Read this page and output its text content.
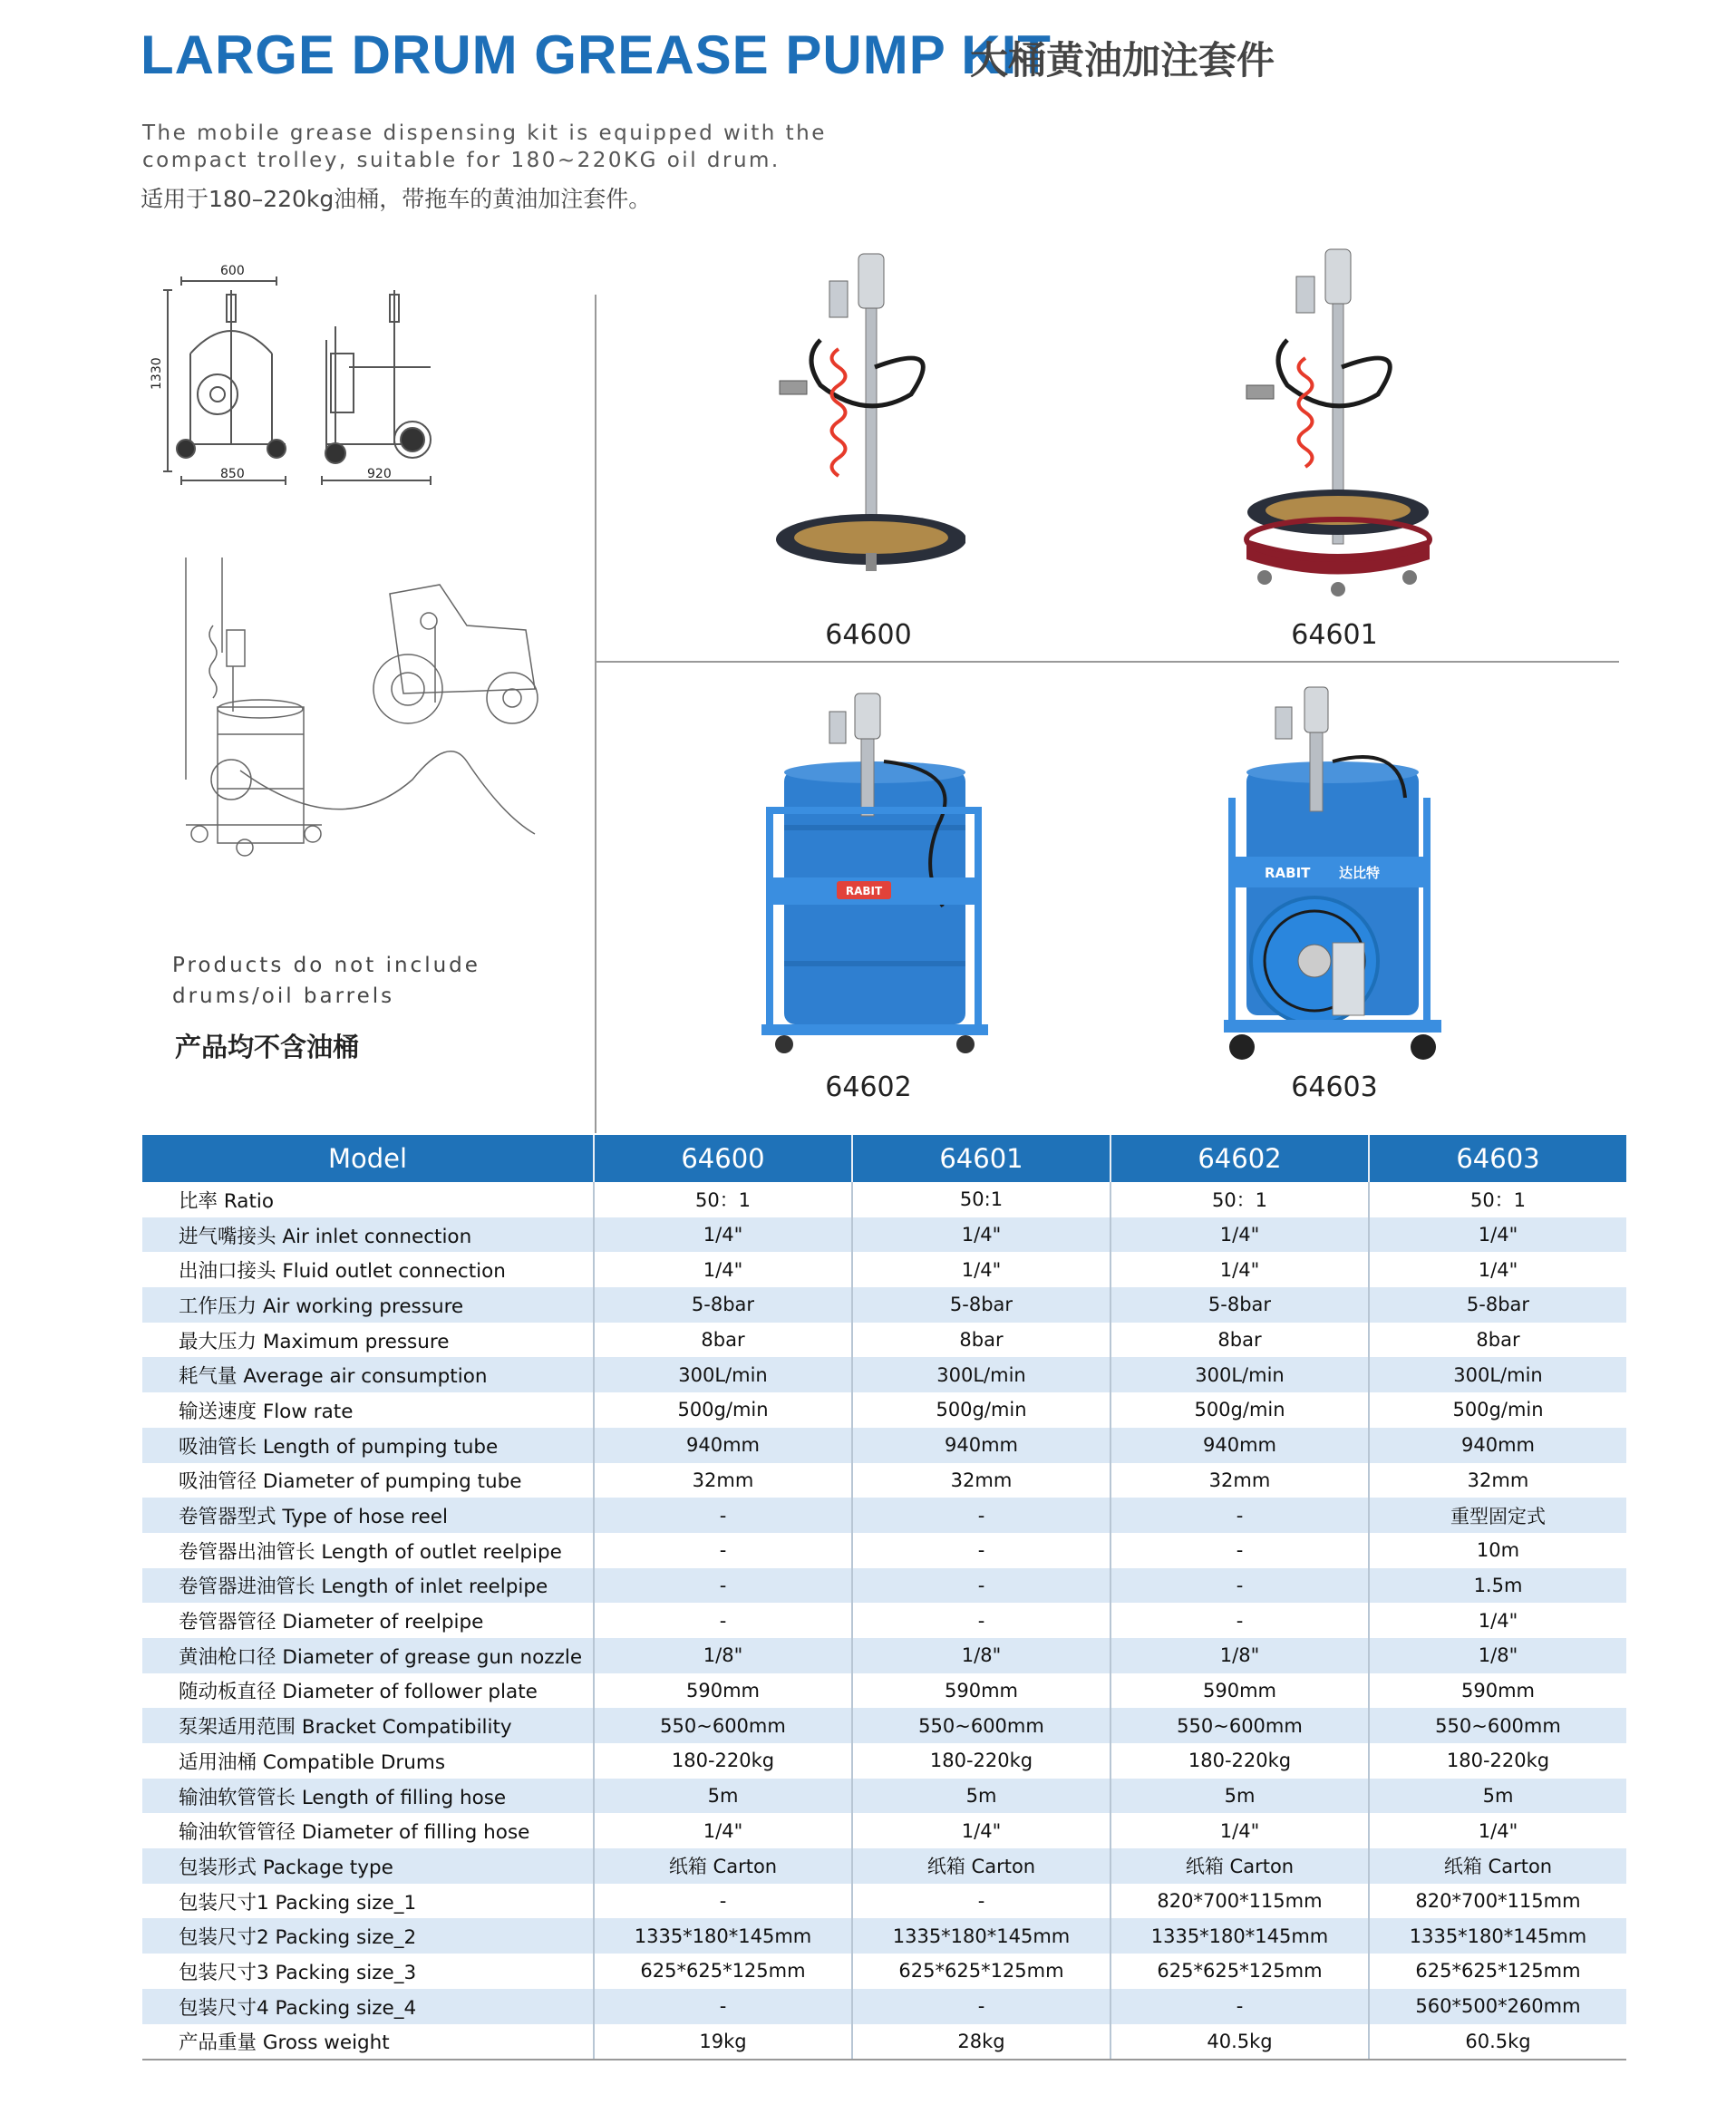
LARGE DRUM GREASE PUMP KIT
大桶黄油加注套件
The mobile grease dispensing kit is equipped with the
compact trolley, suitable for 180~220KG oil drum.
适用于180–220kg油桶，带拖车的黄油加注套件。
600
1330
850	920
Products do not include
drums/oil barrels
产品均不含油桶
64600	64601
RABIT
64602
RABIT 达比特
64603
Model	64600	64601	64602	64603
比率 Ratio	50：1	50:1	50：1	50：1
进气嘴接头 Air inlet connection	1/4"	1/4"	1/4"	1/4"
出油口接头 Fluid outlet connection	1/4"	1/4"	1/4"	1/4"
工作压力 Air working pressure	5-8bar	5-8bar	5-8bar	5-8bar
最大压力 Maximum pressure	8bar	8bar	8bar	8bar
耗气量 Average air consumption	300L/min	300L/min	300L/min	300L/min
输送速度 Flow rate	500g/min	500g/min	500g/min	500g/min
吸油管长 Length of pumping tube	940mm	940mm	940mm	940mm
吸油管径 Diameter of pumping tube	32mm	32mm	32mm	32mm
卷管器型式 Type of hose reel	-	-	-	重型固定式
卷管器出油管长 Length of outlet reelpipe	-	-	-	10m
卷管器进油管长 Length of inlet reelpipe	-	-	-	1.5m
卷管器管径 Diameter of reelpipe	-	-	-	1/4"
黄油枪口径 Diameter of grease gun nozzle	1/8"	1/8"	1/8"	1/8"
随动板直径 Diameter of follower plate	590mm	590mm	590mm	590mm
泵架适用范围 Bracket Compatibility	550~600mm	550~600mm	550~600mm	550~600mm
适用油桶 Compatible Drums	180-220kg	180-220kg	180-220kg	180-220kg
输油软管管长 Length of filling hose	5m	5m	5m	5m
输油软管管径 Diameter of filling hose	1/4"	1/4"	1/4"	1/4"
包装形式 Package type	纸箱 Carton	纸箱 Carton	纸箱 Carton	纸箱 Carton
包装尺寸1 Packing size_1	-	-	820*700*115mm	820*700*115mm
包装尺寸2 Packing size_2	1335*180*145mm	1335*180*145mm	1335*180*145mm	1335*180*145mm
包装尺寸3 Packing size_3	625*625*125mm	625*625*125mm	625*625*125mm	625*625*125mm
包装尺寸4 Packing size_4	-	-	-	560*500*260mm
产品重量 Gross weight	19kg	28kg	40.5kg	60.5kg
